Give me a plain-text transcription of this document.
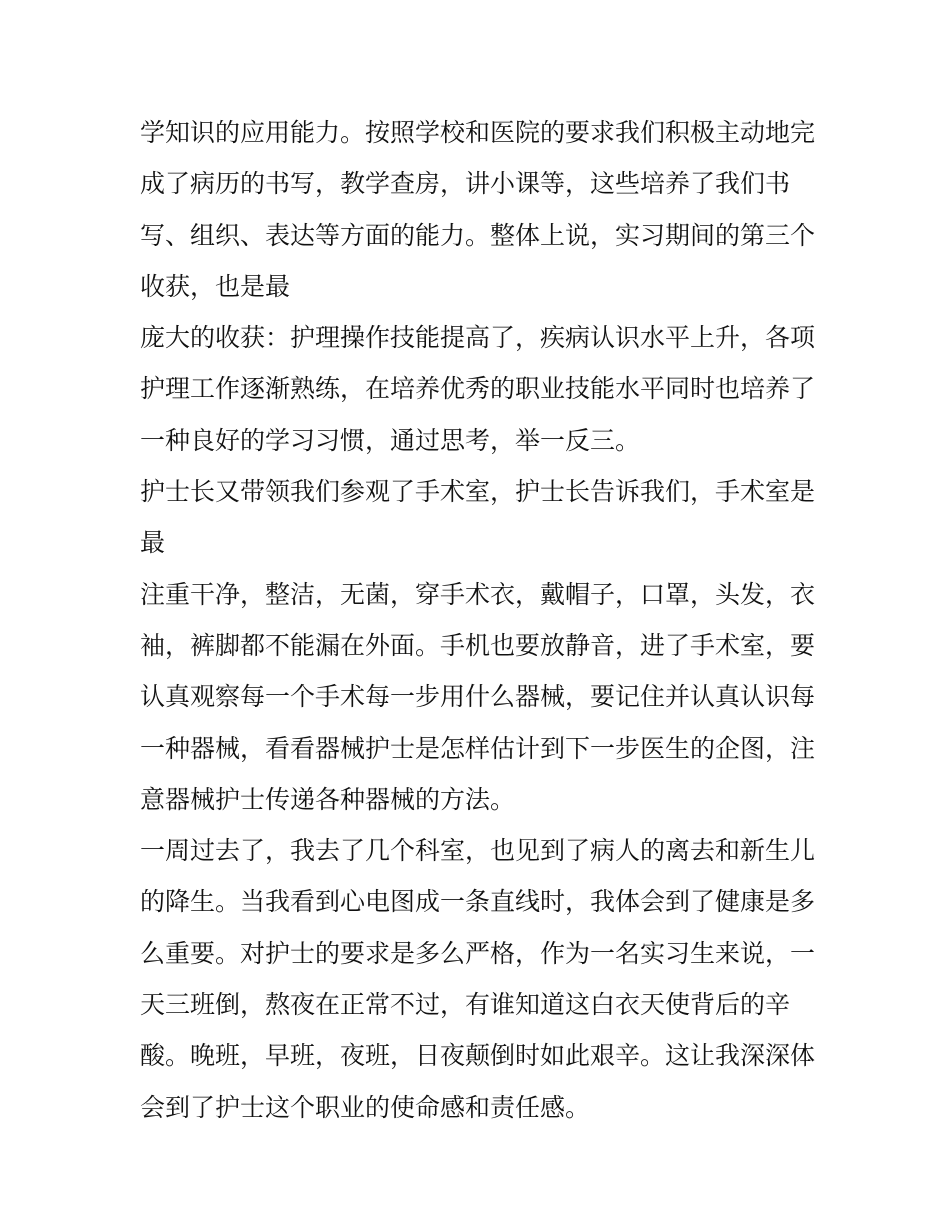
学知识的应用能力。按照学校和医院的要求我们积极主动地完
成了病历的书写，教学查房，讲小课等，这些培养了我们书
写、组织、表达等方面的能力。整体上说，实习期间的第三个
收获，也是最
庞大的收获：护理操作技能提高了，疾病认识水平上升，各项
护理工作逐渐熟练，在培养优秀的职业技能水平同时也培养了
一种良好的学习习惯，通过思考，举一反三。
护士长又带领我们参观了手术室，护士长告诉我们，手术室是
最
注重干净，整洁，无菌，穿手术衣，戴帽子，口罩，头发，衣
袖，裤脚都不能漏在外面。手机也要放静音，进了手术室，要
认真观察每一个手术每一步用什么器械，要记住并认真认识每
一种器械，看看器械护士是怎样估计到下一步医生的企图，注
意器械护士传递各种器械的方法。
一周过去了，我去了几个科室，也见到了病人的离去和新生儿
的降生。当我看到心电图成一条直线时，我体会到了健康是多
么重要。对护士的要求是多么严格，作为一名实习生来说，一
天三班倒，熬夜在正常不过，有谁知道这白衣天使背后的辛
酸。晚班，早班，夜班，日夜颠倒时如此艰辛。这让我深深体
会到了护士这个职业的使命感和责任感。
